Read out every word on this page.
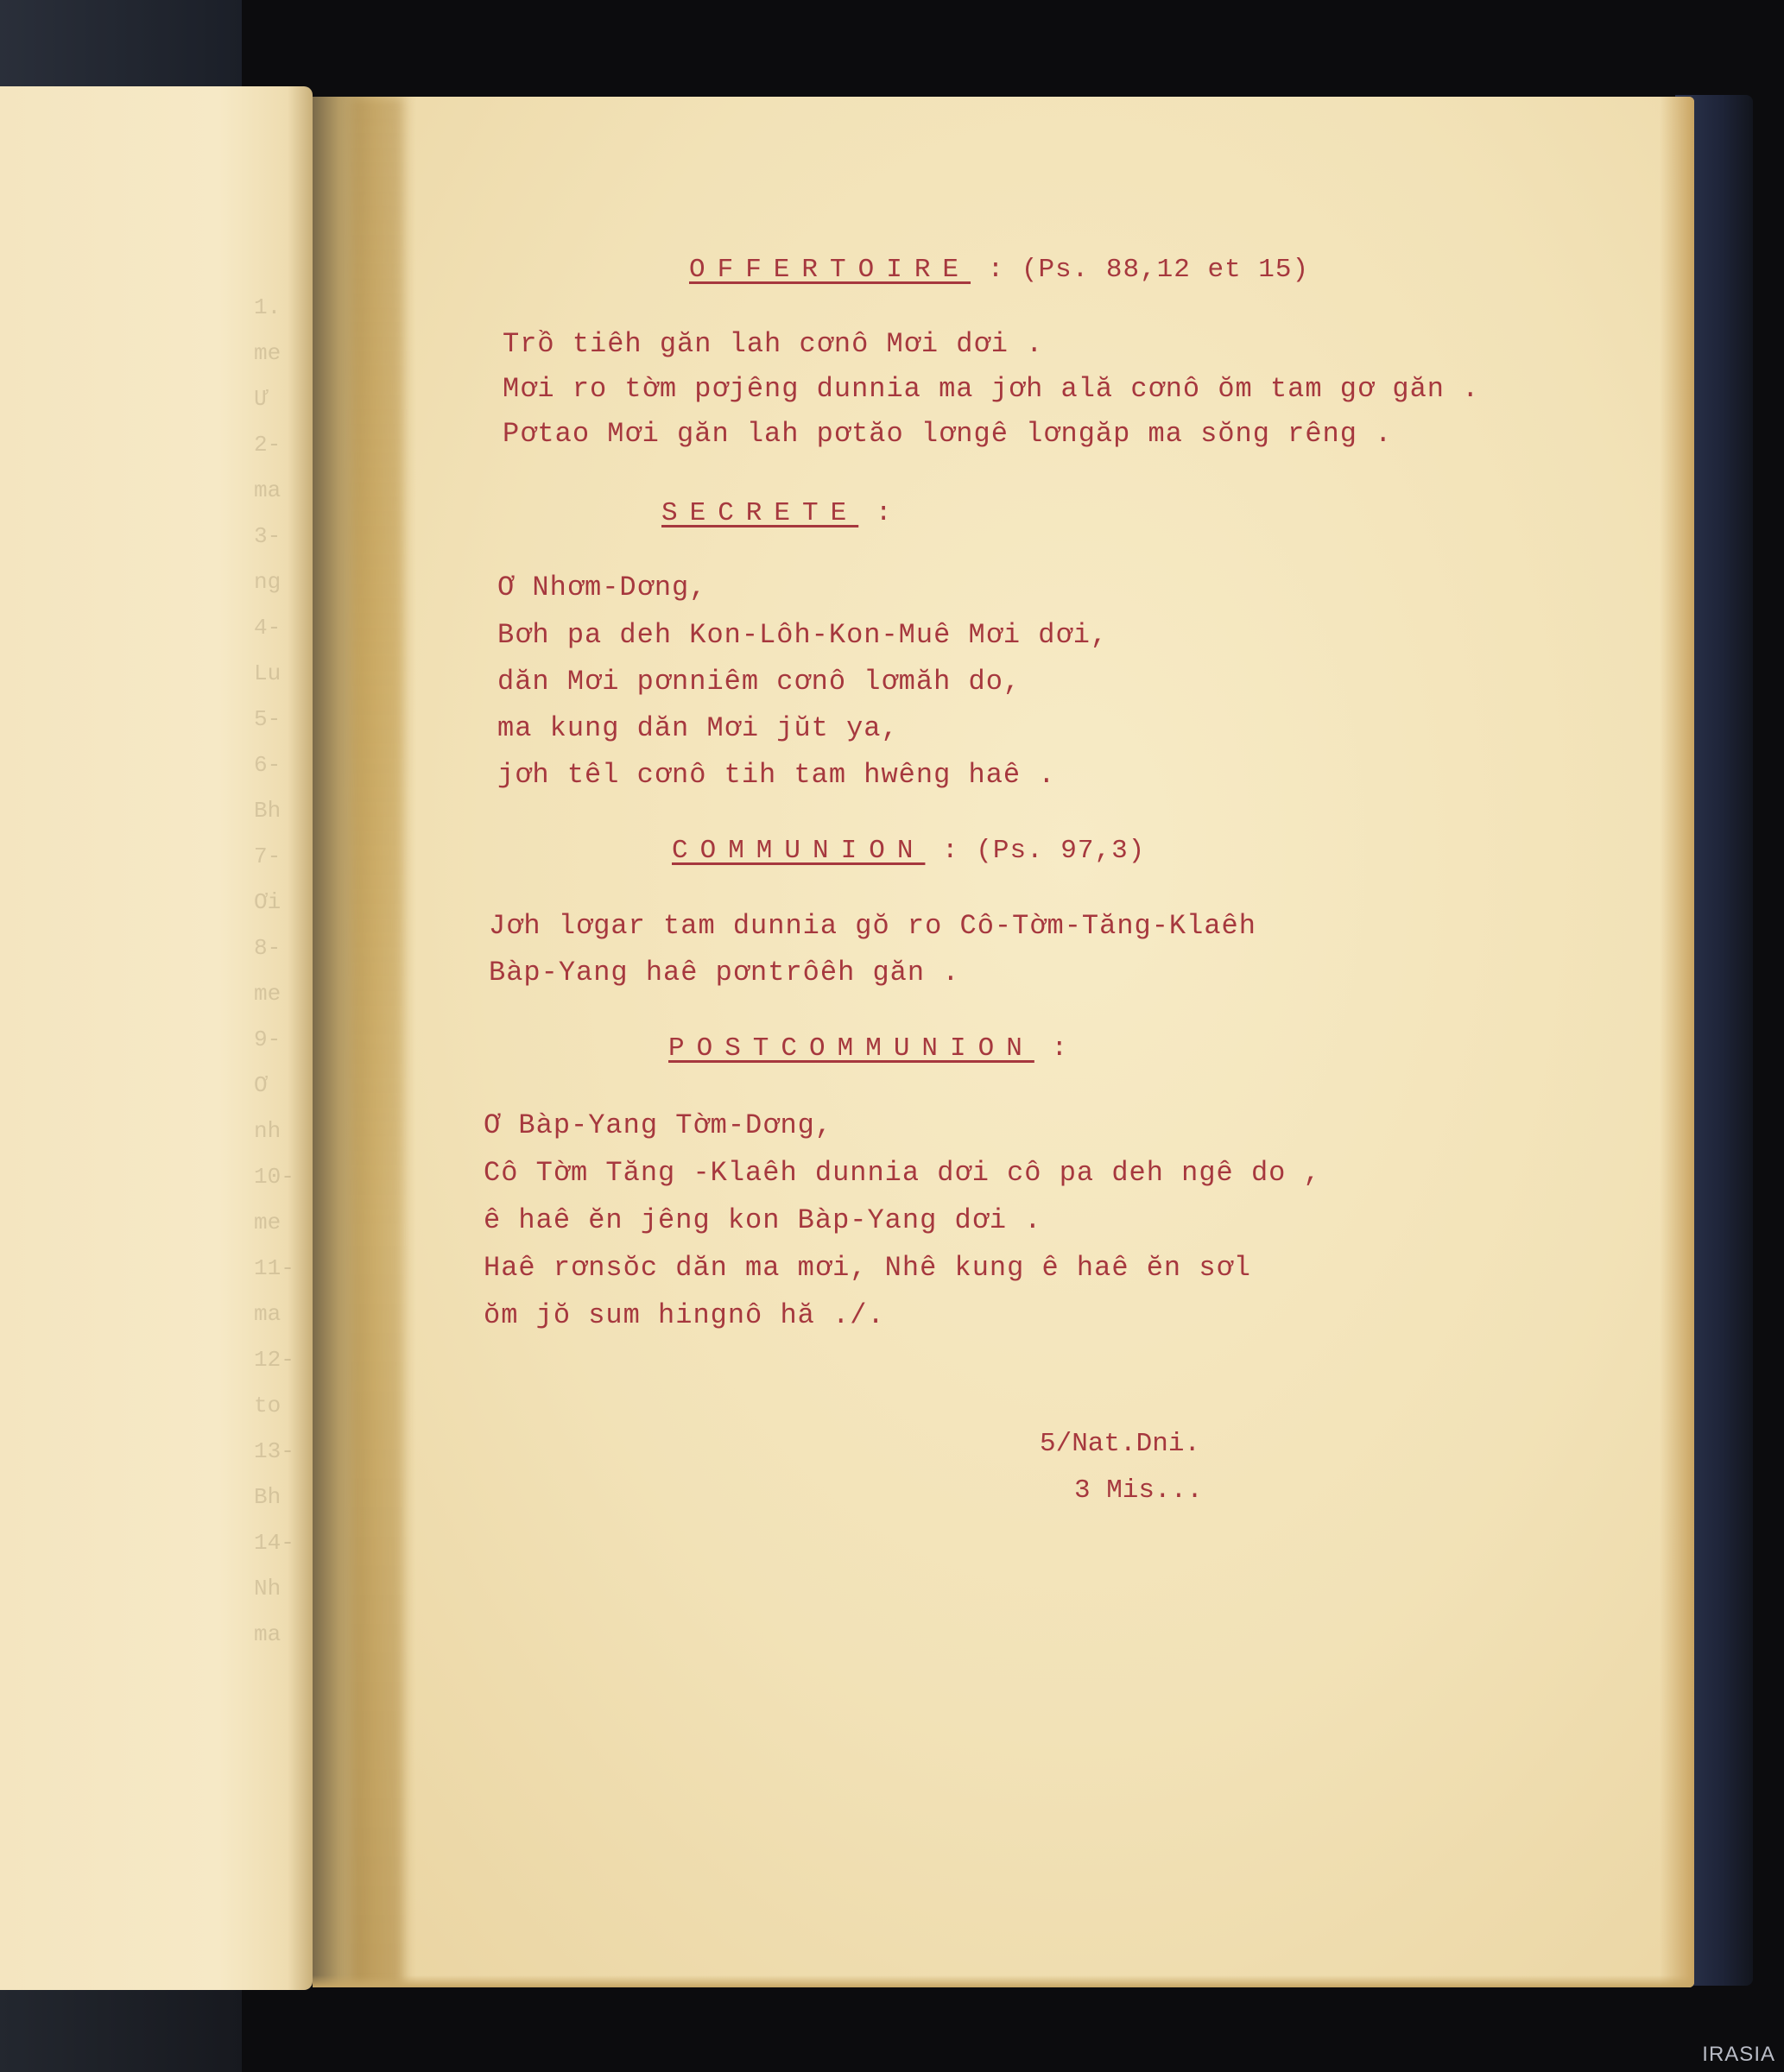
1.
me
Ư
2-
ma
3-
ng
4-
Lu
5-
6-
Bh
7-
Ơi
8-
me
9-
Ơ
nh
10-
me
11-
ma
12-
to
13-
Bh
14-
Nh
ma
OFFERTOIRE : (Ps. 88,12 et 15)
Trồ tiêh găn lah cơnô Mơi dơi .
Mơi ro tờm pơjêng dunnia ma jơh ală cơnô ŏm tam gơ găn .
Pơtao Mơi găn lah pơtăo lơngê lơngăp ma sŏng rêng .
SECRETE :
Ơ Nhơm-Dơng,
Bơh pa deh Kon-Lôh-Kon-Muê Mơi dơi,
dăn Mơi pơnniêm cơnô lơmăh do,
ma kung dăn Mơi jŭt ya,
jơh têl cơnô tih tam hwêng haê .
COMMUNION : (Ps. 97,3)
Jơh lơgar tam dunnia gŏ ro Cô-Tờm-Tăng-Klaêh
Bàp-Yang haê pơntrôêh găn .
POSTCOMMUNION :
Ơ Bàp-Yang Tờm-Dơng,
Cô Tờm Tăng -Klaêh dunnia dơi cô pa deh ngê do ,
ê haê ĕn jêng kon Bàp-Yang dơi .
Haê rơnsŏc dăn ma mơi, Nhê kung ê haê ĕn sơl
ŏm jŏ sum hingnô hă ./.
5/Nat.Dni.
3 Mis...
IRASIA
